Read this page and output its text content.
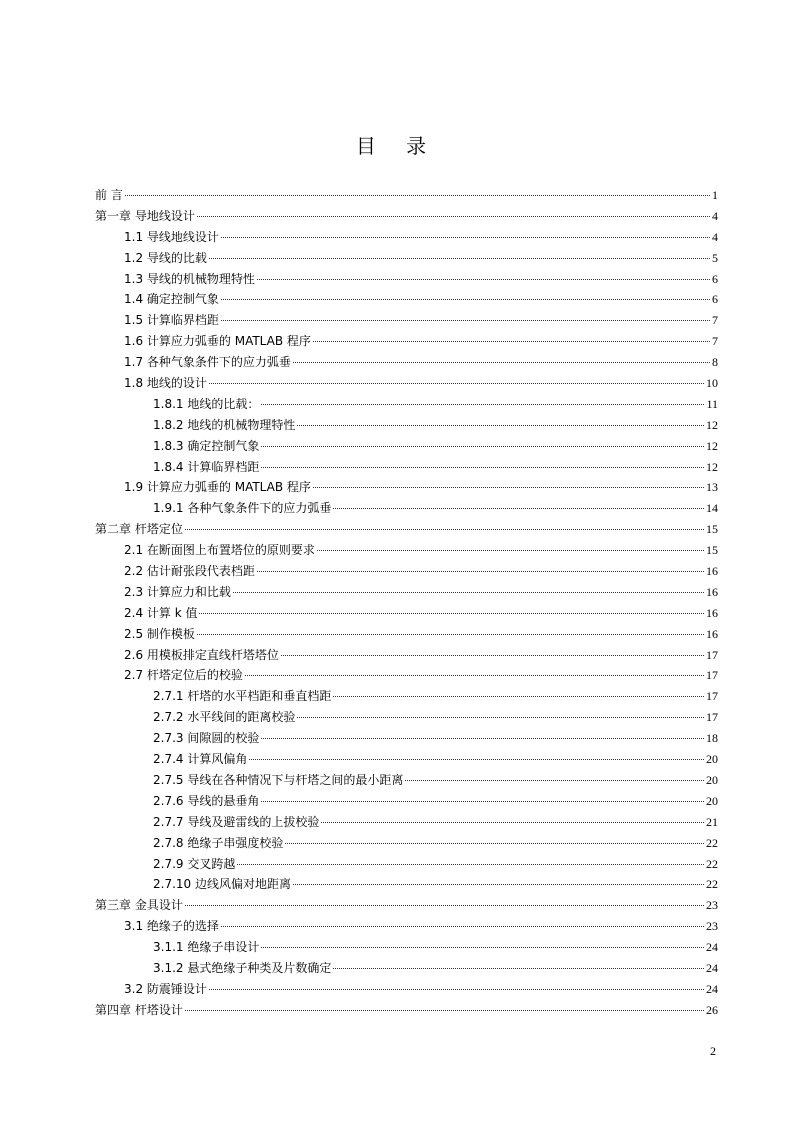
目 录
前 言	1
第一章 导地线设计	4
1.1 导线地线设计	4
1.2 导线的比载	5
1.3 导线的机械物理特性	6
1.4 确定控制气象	6
1.5 计算临界档距	7
1.6 计算应力弧垂的 MATLAB 程序	7
1.7 各种气象条件下的应力弧垂	8
1.8 地线的设计	10
1.8.1 地线的比载：	11
1.8.2 地线的机械物理特性	12
1.8.3 确定控制气象	12
1.8.4 计算临界档距	12
1.9 计算应力弧垂的 MATLAB 程序	13
1.9.1 各种气象条件下的应力弧垂	14
第二章 杆塔定位	15
2.1 在断面图上布置塔位的原则要求	15
2.2 估计耐张段代表档距	16
2.3 计算应力和比载	16
2.4 计算 k 值	16
2.5 制作模板	16
2.6 用模板排定直线杆塔塔位	17
2.7 杆塔定位后的校验	17
2.7.1 杆塔的水平档距和垂直档距	17
2.7.2 水平线间的距离校验	17
2.7.3 间隙圆的校验	18
2.7.4 计算风偏角	20
2.7.5 导线在各种情况下与杆塔之间的最小距离	20
2.7.6 导线的悬垂角	20
2.7.7 导线及避雷线的上拔校验	21
2.7.8 绝缘子串强度校验	22
2.7.9 交叉跨越	22
2.7.10 边线风偏对地距离	22
第三章 金具设计	23
3.1 绝缘子的选择	23
3.1.1 绝缘子串设计	24
3.1.2 悬式绝缘子种类及片数确定	24
3.2 防震锤设计	24
第四章 杆塔设计	26
2
